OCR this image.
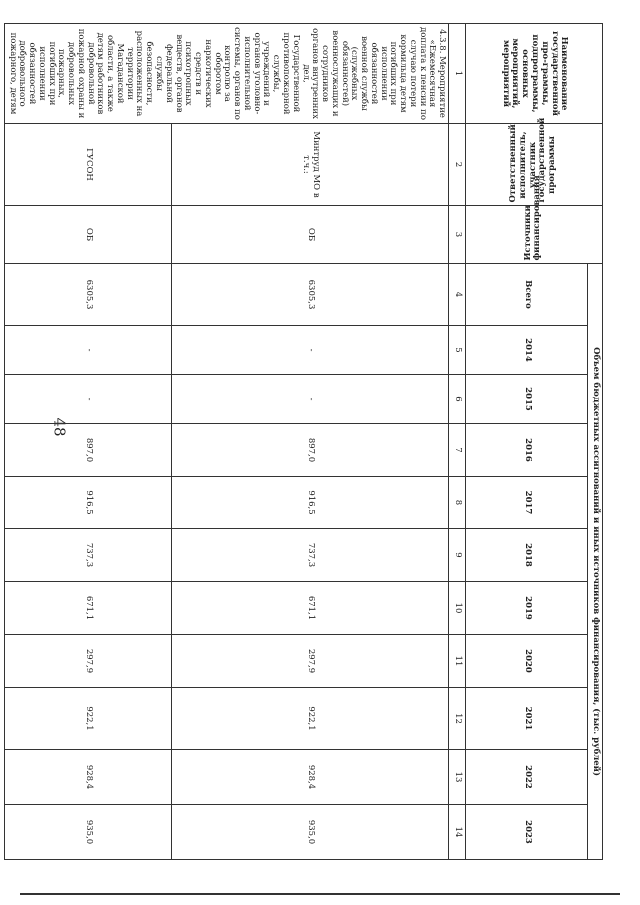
48
Наименование государственной про-граммы, подпрограммы, основных мероприятий, мероприятий	Ответственный исполнитель, участник государственной программы	Источники финансирования	Объем бюджетных ассигнований и иных источников финансирования, (тыс. рублей)										
			Всего	2014	2015	2016	2017	2018	2019	2020	2021	2022	2023
1	2	3	4	5	6	7	8	9	10	11	12	13	14
4.3.8. Мероприятие «Ежемесячная доплата к пенсии по случаю потери кормильца детям погибших при исполнении обязанностей военной службы (служебных обязанностей) военнослужащих и сотрудников органов внутренних дел, Государственной противопожарной службы, учреждений и органов уголовно-исполнительной системы, органов по контролю за оборотом наркотических средств и психотропных веществ, органов федеральной службы безопасности, расположенных на территории Магаданской области, а также детям работников добровольной пожарной охраны и добровольных пожарных, погибших при исполнении обязанностей добровольного пожарного, детям	Минтруд МО в т.ч.:	ОБ	6305,3	-	-	897,0	916,5	737,3	671,1	297,9	922,1	928,4	935,0
	ГУСОН	ОБ	6305,3	-	-	897,0	916,5	737,3	671,1	297,9	922,1	928,4	935,0
